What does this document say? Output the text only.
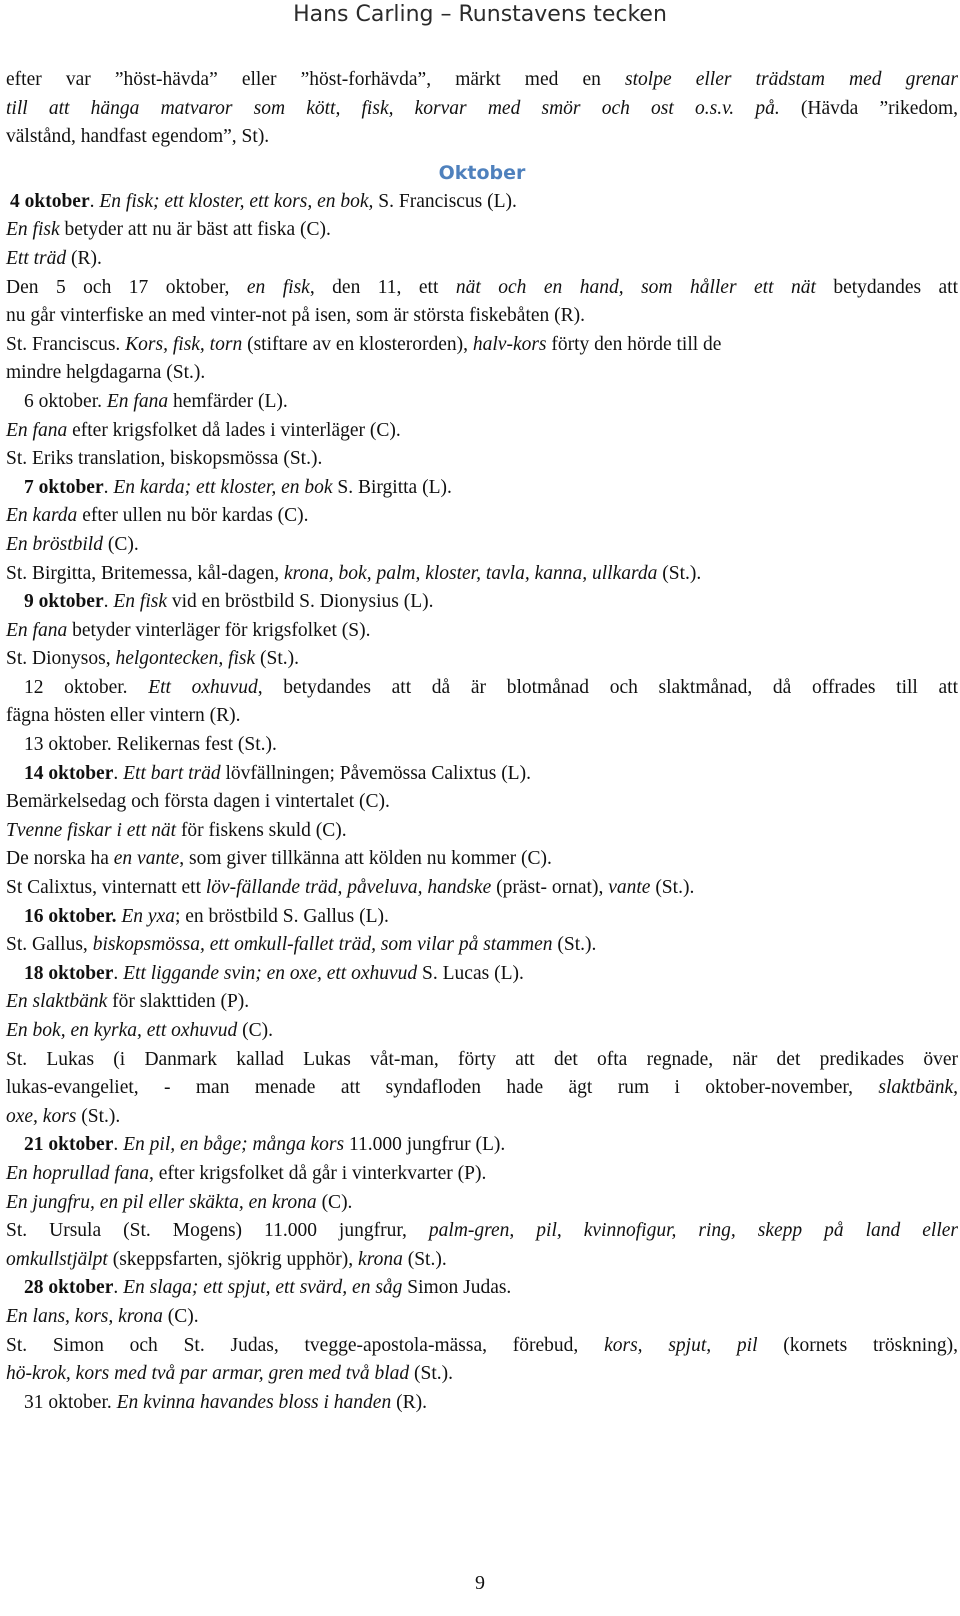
Hans Carling – Runstavens tecken
efter var ”höst-hävda” eller ”höst-forhävda”, märkt med en stolpe eller trädstam med grenar
till att hänga matvaror som kött, fisk, korvar med smör och ost o.s.v. på. (Hävda ”rikedom,
välstånd, handfast egendom”, St).
Oktober
4 oktober. En fisk; ett kloster, ett kors, en bok, S. Franciscus (L).
En fisk betyder att nu är bäst att fiska (C).
Ett träd (R).
Den 5 och 17 oktober, en fisk, den 11, ett nät och en hand, som håller ett nät betydandes att
nu går vinterfiske an med vinter-not på isen, som är största fiskebåten (R).
St. Franciscus. Kors, fisk, torn (stiftare av en klosterorden), halv-kors förty den hörde till de
mindre helgdagarna (St.).
6 oktober. En fana hemfärder (L).
En fana efter krigsfolket då lades i vinterläger (C).
St. Eriks translation, biskopsmössa (St.).
7 oktober. En karda; ett kloster, en bok S. Birgitta (L).
En karda efter ullen nu bör kardas (C).
En bröstbild (C).
St. Birgitta, Britemessa, kål-dagen, krona, bok, palm, kloster, tavla, kanna, ullkarda (St.).
9 oktober. En fisk vid en bröstbild S. Dionysius (L).
En fana betyder vinterläger för krigsfolket (S).
St. Dionysos, helgontecken, fisk (St.).
12 oktober. Ett oxhuvud, betydandes att då är blotmånad och slaktmånad, då offrades till att
fägna hösten eller vintern (R).
13 oktober. Relikernas fest (St.).
14 oktober. Ett bart träd lövfällningen; Påvemössa Calixtus (L).
Bemärkelsedag och första dagen i vintertalet (C).
Tvenne fiskar i ett nät för fiskens skuld (C).
De norska ha en vante, som giver tillkänna att kölden nu kommer (C).
St Calixtus, vinternatt ett löv-fällande träd, påveluva, handske (präst- ornat), vante (St.).
16 oktober. En yxa; en bröstbild S. Gallus (L).
St. Gallus, biskopsmössa, ett omkull-fallet träd, som vilar på stammen (St.).
18 oktober. Ett liggande svin; en oxe, ett oxhuvud S. Lucas (L).
En slaktbänk för slakttiden (P).
En bok, en kyrka, ett oxhuvud (C).
St. Lukas (i Danmark kallad Lukas våt-man, förty att det ofta regnade, när det predikades över
lukas-evangeliet, - man menade att syndafloden hade ägt rum i oktober-november, slaktbänk,
oxe, kors (St.).
21 oktober. En pil, en båge; många kors 11.000 jungfrur (L).
En hoprullad fana, efter krigsfolket då går i vinterkvarter (P).
En jungfru, en pil eller skäkta, en krona (C).
St. Ursula (St. Mogens) 11.000 jungfrur, palm-gren, pil, kvinnofigur, ring, skepp på land eller
omkullstjälpt (skeppsfarten, sjökrig upphör), krona (St.).
28 oktober. En slaga; ett spjut, ett svärd, en såg Simon Judas.
En lans, kors, krona (C).
St. Simon och St. Judas, tvegge-apostola-mässa, förebud, kors, spjut, pil (kornets tröskning),
hö-krok, kors med två par armar, gren med två blad (St.).
31 oktober. En kvinna havandes bloss i handen (R).
9
